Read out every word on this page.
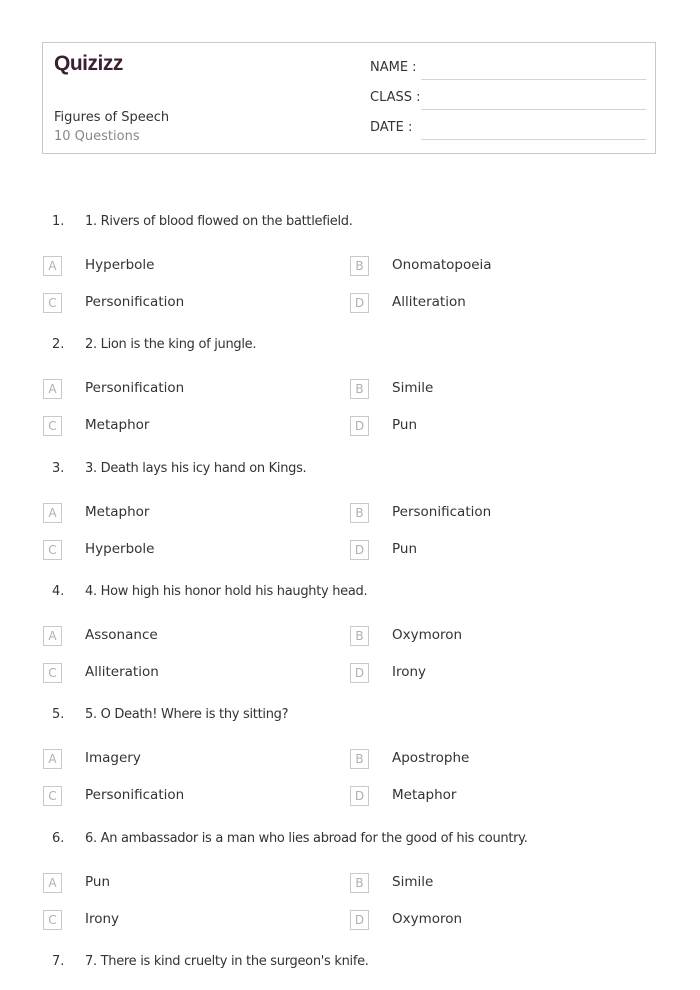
Quizizz
Figures of Speech
10 Questions
NAME :
CLASS :
DATE :
1. 1. Rivers of blood flowed on the battlefield.
A	Hyperbole	B	Onomatopoeia
C	Personification	D	Alliteration
2. 2. Lion is the king of jungle.
A	Personification	B	Simile
C	Metaphor	D	Pun
3. 3. Death lays his icy hand on Kings.
A	Metaphor	B	Personification
C	Hyperbole	D	Pun
4. 4. How high his honor hold his haughty head.
A	Assonance	B	Oxymoron
C	Alliteration	D	Irony
5. 5. O Death! Where is thy sitting?
A	Imagery	B	Apostrophe
C	Personification	D	Metaphor
6. 6. An ambassador is a man who lies abroad for the good of his country.
A	Pun	B	Simile
C	Irony	D	Oxymoron
7. 7. There is kind cruelty in the surgeon's knife.
